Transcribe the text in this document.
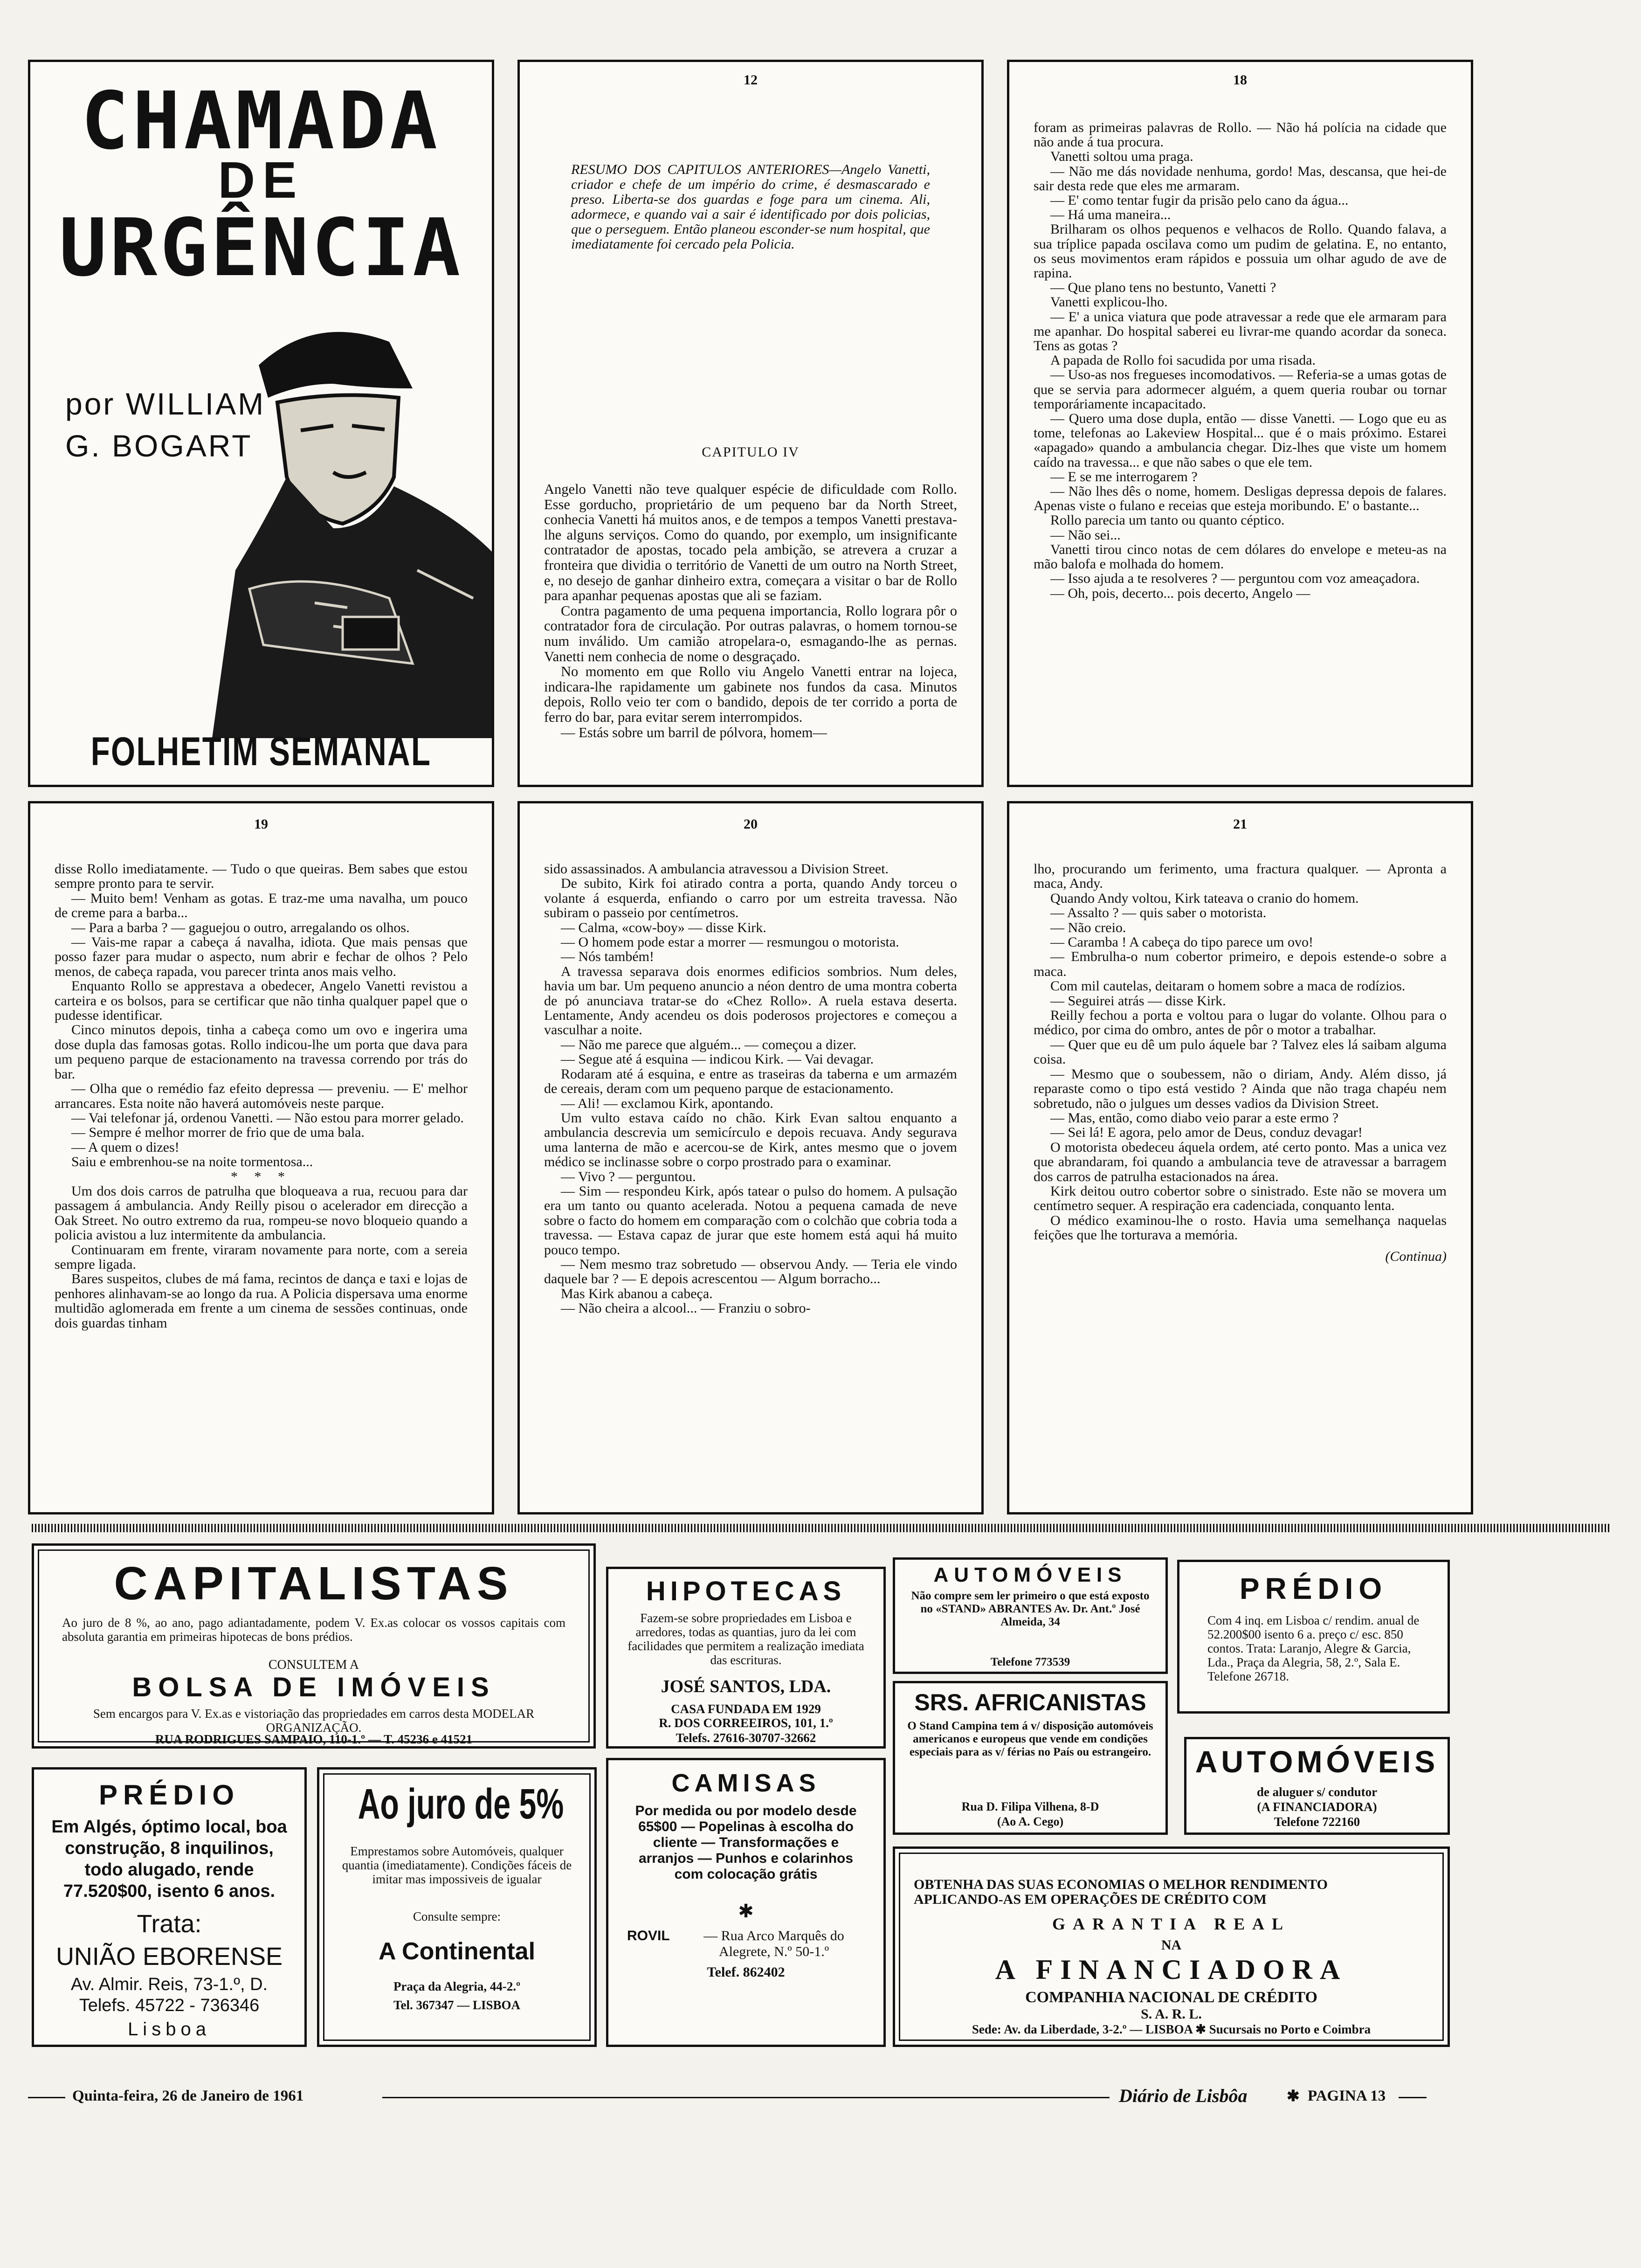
CHAMADA
DE
URGÊNCIA
por WILLIAM
G. BOGART
FOLHETIM SEMANAL
12
RESUMO DOS CAPITULOS ANTERIORES—Angelo Vanetti, criador e chefe de um império do crime, é desmascarado e preso. Liberta-se dos guardas e foge para um cinema. Ali, adormece, e quando vai a sair é identificado por dois policias, que o perseguem. Então planeou esconder-se num hospital, que imediatamente foi cercado pela Policia.
CAPITULO IV

Angelo Vanetti não teve qualquer espécie de dificuldade com Rollo. Esse gorducho, proprietário de um pequeno bar da North Street, conhecia Vanetti há muitos anos, e de tempos a tempos Vanetti prestava-lhe alguns serviços. Como do quando, por exemplo, um insignificante contratador de apostas, tocado pela ambição, se atrevera a cruzar a fronteira que dividia o território de Vanetti de um outro na North Street, e, no desejo de ganhar dinheiro extra, começara a visitar o bar de Rollo para apanhar pequenas apostas que ali se faziam.

Contra pagamento de uma pequena importancia, Rollo lograra pôr o contratador fora de circulação. Por outras palavras, o homem tornou-se num inválido. Um camião atropelara-o, esmagando-lhe as pernas. Vanetti nem conhecia de nome o desgraçado.

No momento em que Rollo viu Angelo Vanetti entrar na lojeca, indicara-lhe rapidamente um gabinete nos fundos da casa. Minutos depois, Rollo veio ter com o bandido, depois de ter corrido a porta de ferro do bar, para evitar serem interrompidos.

— Estás sobre um barril de pólvora, homem—

18

foram as primeiras palavras de Rollo. — Não há polícia na cidade que não ande á tua procura.

Vanetti soltou uma praga.

— Não me dás novidade nenhuma, gordo! Mas, descansa, que hei-de sair desta rede que eles me armaram.

— E' como tentar fugir da prisão pelo cano da água...

— Há uma maneira...

Brilharam os olhos pequenos e velhacos de Rollo. Quando falava, a sua tríplice papada oscilava como um pudim de gelatina. E, no entanto, os seus movimentos eram rápidos e possuia um olhar agudo de ave de rapina.

— Que plano tens no bestunto, Vanetti ?

Vanetti explicou-lho.

— E' a unica viatura que pode atravessar a rede que ele armaram para me apanhar. Do hospital saberei eu livrar-me quando acordar da soneca. Tens as gotas ?

A papada de Rollo foi sacudida por uma risada.

— Uso-as nos fregueses incomodativos. — Referia-se a umas gotas de que se servia para adormecer alguém, a quem queria roubar ou tornar temporáriamente incapacitado.

— Quero uma dose dupla, então — disse Vanetti. — Logo que eu as tome, telefonas ao Lakeview Hospital... que é o mais próximo. Estarei «apagado» quando a ambulancia chegar. Diz-lhes que viste um homem caído na travessa... e que não sabes o que ele tem.

— E se me interrogarem ?

— Não lhes dês o nome, homem. Desligas depressa depois de falares. Apenas viste o fulano e receias que esteja moribundo. E' o bastante...

Rollo parecia um tanto ou quanto céptico.

— Não sei...

Vanetti tirou cinco notas de cem dólares do envelope e meteu-as na mão balofa e molhada do homem.

— Isso ajuda a te resolveres ? — perguntou com voz ameaçadora.

— Oh, pois, decerto... pois decerto, Angelo —

19

disse Rollo imediatamente. — Tudo o que queiras. Bem sabes que estou sempre pronto para te servir.

— Muito bem! Venham as gotas. E traz-me uma navalha, um pouco de creme para a barba...

— Para a barba ? — gaguejou o outro, arregalando os olhos.

— Vais-me rapar a cabeça á navalha, idiota. Que mais pensas que posso fazer para mudar o aspecto, num abrir e fechar de olhos ? Pelo menos, de cabeça rapada, vou parecer trinta anos mais velho.

Enquanto Rollo se apprestava a obedecer, Angelo Vanetti revistou a carteira e os bolsos, para se certificar que não tinha qualquer papel que o pudesse identificar.

Cinco minutos depois, tinha a cabeça como um ovo e ingerira uma dose dupla das famosas gotas. Rollo indicou-lhe um porta que dava para um pequeno parque de estacionamento na travessa correndo por trás do bar.

— Olha que o remédio faz efeito depressa — preveniu. — E' melhor arrancares. Esta noite não haverá automóveis neste parque.

— Vai telefonar já, ordenou Vanetti. — Não estou para morrer gelado.

— Sempre é melhor morrer de frio que de uma bala.

— A quem o dizes!

Saiu e embrenhou-se na noite tormentosa...

* * *

Um dos dois carros de patrulha que bloqueava a rua, recuou para dar passagem á ambulancia. Andy Reilly pisou o acelerador em direcção a Oak Street. No outro extremo da rua, rompeu-se novo bloqueio quando a policia avistou a luz intermitente da ambulancia.

Continuaram em frente, viraram novamente para norte, com a sereia sempre ligada.

Bares suspeitos, clubes de má fama, recintos de dança e taxi e lojas de penhores alinhavam-se ao longo da rua. A Policia dispersava uma enorme multidão aglomerada em frente a um cinema de sessões continuas, onde dois guardas tinham

20

sido assassinados. A ambulancia atravessou a Division Street.

De subito, Kirk foi atirado contra a porta, quando Andy torceu o volante á esquerda, enfiando o carro por um estreita travessa. Não subiram o passeio por centímetros.

— Calma, «cow-boy» — disse Kirk.

— O homem pode estar a morrer — resmungou o motorista.

— Nós também!

A travessa separava dois enormes edificios sombrios. Num deles, havia um bar. Um pequeno anuncio a néon dentro de uma montra coberta de pó anunciava tratar-se do «Chez Rollo». A ruela estava deserta. Lentamente, Andy acendeu os dois poderosos projectores e começou a vasculhar a noite.

— Não me parece que alguém... — começou a dizer.

— Segue até á esquina — indicou Kirk. — Vai devagar.

Rodaram até á esquina, e entre as traseiras da taberna e um armazém de cereais, deram com um pequeno parque de estacionamento.

— Ali! — exclamou Kirk, apontando.

Um vulto estava caído no chão. Kirk Evan saltou enquanto a ambulancia descrevia um semicírculo e depois recuava. Andy segurava uma lanterna de mão e acercou-se de Kirk, antes mesmo que o jovem médico se inclinasse sobre o corpo prostrado para o examinar.

— Vivo ? — perguntou.

— Sim — respondeu Kirk, após tatear o pulso do homem. A pulsação era um tanto ou quanto acelerada. Notou a pequena camada de neve sobre o facto do homem em comparação com o colchão que cobria toda a travessa. — Estava capaz de jurar que este homem está aqui há muito pouco tempo.

— Nem mesmo traz sobretudo — observou Andy. — Teria ele vindo daquele bar ? — E depois acrescentou — Algum borracho...

Mas Kirk abanou a cabeça.

— Não cheira a alcool... — Franziu o sobro-

21

lho, procurando um ferimento, uma fractura qualquer. — Apronta a maca, Andy.

Quando Andy voltou, Kirk tateava o cranio do homem.

— Assalto ? — quis saber o motorista.

— Não creio.

— Caramba ! A cabeça do tipo parece um ovo!

— Embrulha-o num cobertor primeiro, e depois estende-o sobre a maca.

Com mil cautelas, deitaram o homem sobre a maca de rodízios.

— Seguirei atrás — disse Kirk.

Reilly fechou a porta e voltou para o lugar do volante. Olhou para o médico, por cima do ombro, antes de pôr o motor a trabalhar.

— Quer que eu dê um pulo áquele bar ? Talvez eles lá saibam alguma coisa.

— Mesmo que o soubessem, não o diriam, Andy. Além disso, já reparaste como o tipo está vestido ? Ainda que não traga chapéu nem sobretudo, não o julgues um desses vadios da Division Street.

— Mas, então, como diabo veio parar a este ermo ?

— Sei lá! E agora, pelo amor de Deus, conduz devagar!

O motorista obedeceu áquela ordem, até certo ponto. Mas a unica vez que abrandaram, foi quando a ambulancia teve de atravessar a barragem dos carros de patrulha estacionados na área.

Kirk deitou outro cobertor sobre o sinistrado. Este não se movera um centímetro sequer. A respiração era cadenciada, conquanto lenta.

O médico examinou-lhe o rosto. Havia uma semelhança naquelas feições que lhe torturava a memória.

(Continua)

CAPITALISTAS
Ao juro de 8 %, ao ano, pago adiantadamente, podem V. Ex.as colocar os vossos capitais com absoluta garantia em primeiras hipotecas de bons prédios.
CONSULTEM A
BOLSA DE IMÓVEIS
Sem encargos para V. Ex.as e vistoriação das propriedades em carros desta MODELAR ORGANIZAÇÃO.
RUA RODRIGUES SAMPAIO, 110-1.º — T. 45236 e 41521
HIPOTECAS
Fazem-se sobre propriedades em Lisboa e arredores, todas as quantias, juro da lei com facilidades que permitem a realização imediata das escrituras.
JOSÉ SANTOS, LDA.
CASA FUNDADA EM 1929
R. DOS CORREEIROS, 101, 1.º
Telefs. 27616-30707-32662
AUTOMÓVEIS
Não compre sem ler primeiro o que está exposto no «STAND» ABRANTES Av. Dr. Ant.º José Almeida, 34
Telefone 773539
PRÉDIO
Com 4 inq. em Lisboa c/ rendim. anual de 52.200$00 isento 6 a. preço c/ esc. 850 contos. Trata: Laranjo, Alegre & Garcia, Lda., Praça da Alegria, 58, 2.º, Sala E. Telefone 26718.
SRS. AFRICANISTAS
O Stand Campina tem á v/ disposição automóveis americanos e europeus que vende em condições especiais para as v/ férias no País ou estrangeiro.
Rua D. Filipa Vilhena, 8-D
(Ao A. Cego)
AUTOMÓVEIS
de aluguer s/ condutor
(A FINANCIADORA)
Telefone 722160
PRÉDIO
Em Algés, óptimo local, boa construção, 8 inquilinos, todo alugado, rende 77.520$00, isento 6 anos.
Trata:
UNIÃO EBORENSE
Av. Almir. Reis, 73-1.º, D.
Telefs. 45722 - 736346
Lisboa
Ao juro de 5%
Emprestamos sobre Automóveis, qualquer quantia (imediatamente). Condições fáceis de imitar mas impossiveis de igualar
Consulte sempre:
A Continental
Praça da Alegria, 44-2.º
Tel. 367347 — LISBOA
CAMISAS
Por medida ou por modelo desde 65$00 — Popelinas à escolha do cliente — Transformações e arranjos — Punhos e colarinhos com colocação grátis
✱
ROVIL	— Rua Arco Marquês do Alegrete, N.º 50-1.º
Telef. 862402
OBTENHA DAS SUAS ECONOMIAS O MELHOR RENDIMENTO
APLICANDO-AS EM OPERAÇÕES DE CRÉDITO COM
GARANTIA REAL
NA
A FINANCIADORA
COMPANHIA NACIONAL DE CRÉDITO
S. A. R. L.
Sede: Av. da Liberdade, 3-2.º — LISBOA ✱ Sucursais no Porto e Coimbra
Quinta-feira, 26 de Janeiro de 1961	Diário de Lisbôa	✱ PAGINA 13
